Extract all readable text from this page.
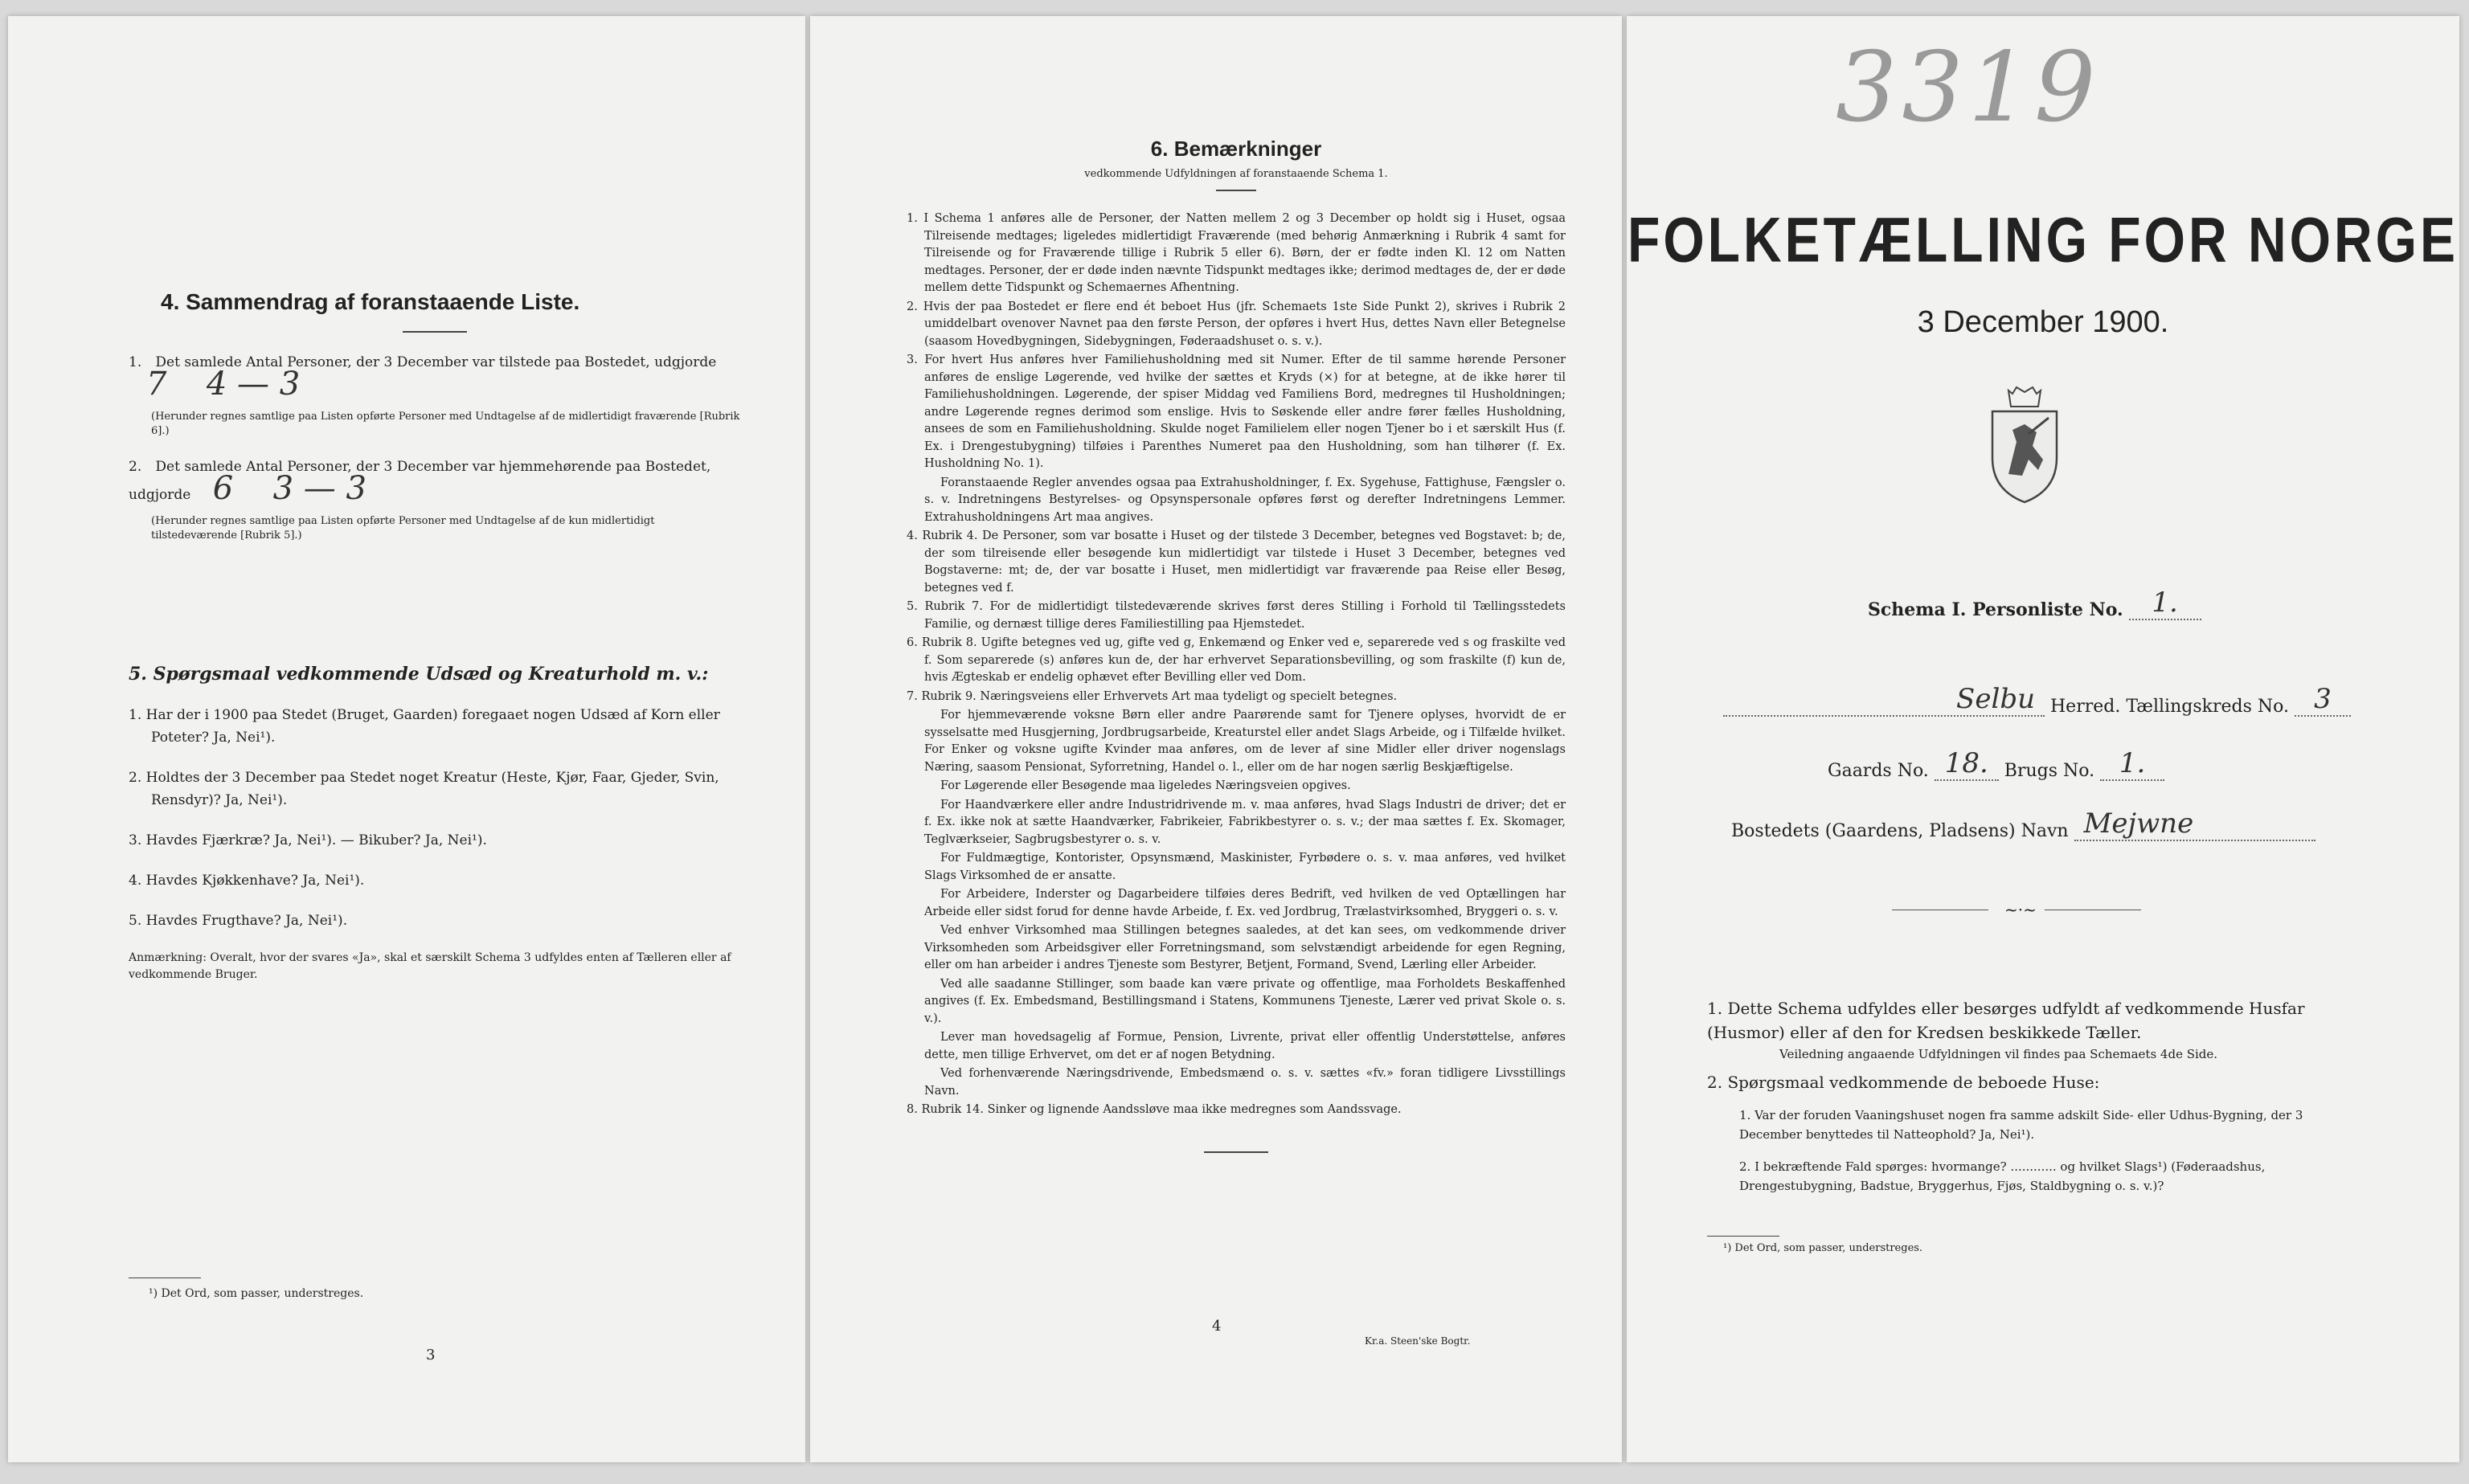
4. Sammendrag af foranstaaende Liste.
1. Det samlede Antal Personer, der 3 December var tilstede paa Bostedet, udgjorde 7 4 — 3
(Herunder regnes samtlige paa Listen opførte Personer med Undtagelse af de midlertidigt fraværende [Rubrik 6].)
2. Det samlede Antal Personer, der 3 December var hjemmehørende paa Bostedet, udgjorde 6 3 — 3
(Herunder regnes samtlige paa Listen opførte Personer med Undtagelse af de kun midlertidigt tilstedeværende [Rubrik 5].)
5. Spørgsmaal vedkommende Udsæd og Kreaturhold m. v.:
1. Har der i 1900 paa Stedet (Bruget, Gaarden) foregaaet nogen Udsæd af Korn eller Poteter? Ja, Nei¹).
2. Holdtes der 3 December paa Stedet noget Kreatur (Heste, Kjør, Faar, Gjeder, Svin, Rensdyr)? Ja, Nei¹).
3. Havdes Fjærkræ? Ja, Nei¹). — Bikuber? Ja, Nei¹).
4. Havdes Kjøkkenhave? Ja, Nei¹).
5. Havdes Frugthave? Ja, Nei¹).
Anmærkning: Overalt, hvor der svares «Ja», skal et særskilt Schema 3 udfyldes enten af Tælleren eller af vedkommende Bruger.
¹) Det Ord, som passer, understreges.
3
6. Bemærkninger
vedkommende Udfyldningen af foranstaaende Schema 1.
1. I Schema 1 anføres alle de Personer, der Natten mellem 2 og 3 December op holdt sig i Huset, ogsaa Tilreisende medtages; ligeledes midlertidigt Fraværende (med behørig Anmærkning i Rubrik 4 samt for Tilreisende og for Fraværende tillige i Rubrik 5 eller 6). Børn, der er fødte inden Kl. 12 om Natten medtages. Personer, der er døde inden nævnte Tidspunkt medtages ikke; derimod medtages de, der er døde mellem dette Tidspunkt og Schemaernes Afhentning.
2. Hvis der paa Bostedet er flere end ét beboet Hus (jfr. Schemaets 1ste Side Punkt 2), skrives i Rubrik 2 umiddelbart ovenover Navnet paa den første Person, der opføres i hvert Hus, dettes Navn eller Betegnelse (saasom Hovedbygningen, Sidebygningen, Føderaadshuset o. s. v.).
3. For hvert Hus anføres hver Familiehusholdning med sit Numer. Efter de til samme hørende Personer anføres de enslige Løgerende, ved hvilke der sættes et Kryds (×) for at betegne, at de ikke hører til Familiehusholdningen. Løgerende, der spiser Middag ved Familiens Bord, medregnes til Husholdningen; andre Løgerende regnes derimod som enslige. Hvis to Søskende eller andre fører fælles Husholdning, ansees de som en Familiehusholdning. Skulde noget Familielem eller nogen Tjener bo i et særskilt Hus (f. Ex. i Drengestubygning) tilføies i Parenthes Numeret paa den Husholdning, som han tilhører (f. Ex. Husholdning No. 1).
Foranstaaende Regler anvendes ogsaa paa Extrahusholdninger, f. Ex. Sygehuse, Fattighuse, Fængsler o. s. v. Indretningens Bestyrelses- og Opsynspersonale opføres først og derefter Indretningens Lemmer. Extrahusholdningens Art maa angives.
4. Rubrik 4. De Personer, som var bosatte i Huset og der tilstede 3 December, betegnes ved Bogstavet: b; de, der som tilreisende eller besøgende kun midlertidigt var tilstede i Huset 3 December, betegnes ved Bogstaverne: mt; de, der var bosatte i Huset, men midlertidigt var fraværende paa Reise eller Besøg, betegnes ved f.
5. Rubrik 7. For de midlertidigt tilstedeværende skrives først deres Stilling i Forhold til Tællingsstedets Familie, og dernæst tillige deres Familiestilling paa Hjemstedet.
6. Rubrik 8. Ugifte betegnes ved ug, gifte ved g, Enkemænd og Enker ved e, separerede ved s og fraskilte ved f. Som separerede (s) anføres kun de, der har erhvervet Separationsbevilling, og som fraskilte (f) kun de, hvis Ægteskab er endelig ophævet efter Bevilling eller ved Dom.
7. Rubrik 9. Næringsveiens eller Erhvervets Art maa tydeligt og specielt betegnes.
For hjemmeværende voksne Børn eller andre Paarørende samt for Tjenere oplyses, hvorvidt de er sysselsatte med Husgjerning, Jordbrugsarbeide, Kreaturstel eller andet Slags Arbeide, og i Tilfælde hvilket. For Enker og voksne ugifte Kvinder maa anføres, om de lever af sine Midler eller driver nogenslags Næring, saasom Pensionat, Syforretning, Handel o. l., eller om de har nogen særlig Beskjæftigelse.
For Løgerende eller Besøgende maa ligeledes Næringsveien opgives.
For Haandværkere eller andre Industridrivende m. v. maa anføres, hvad Slags Industri de driver; det er f. Ex. ikke nok at sætte Haandværker, Fabrikeier, Fabrikbestyrer o. s. v.; der maa sættes f. Ex. Skomager, Teglværkseier, Sagbrugsbestyrer o. s. v.
For Fuldmægtige, Kontorister, Opsynsmænd, Maskinister, Fyrbødere o. s. v. maa anføres, ved hvilket Slags Virksomhed de er ansatte.
For Arbeidere, Inderster og Dagarbeidere tilføies deres Bedrift, ved hvilken de ved Optællingen har Arbeide eller sidst forud for denne havde Arbeide, f. Ex. ved Jordbrug, Trælastvirksomhed, Bryggeri o. s. v.
Ved enhver Virksomhed maa Stillingen betegnes saaledes, at det kan sees, om vedkommende driver Virksomheden som Arbeidsgiver eller Forretningsmand, som selvstændigt arbeidende for egen Regning, eller om han arbeider i andres Tjeneste som Bestyrer, Betjent, Formand, Svend, Lærling eller Arbeider.
Ved alle saadanne Stillinger, som baade kan være private og offentlige, maa Forholdets Beskaffenhed angives (f. Ex. Embedsmand, Bestillingsmand i Statens, Kommunens Tjeneste, Lærer ved privat Skole o. s. v.).
Lever man hovedsagelig af Formue, Pension, Livrente, privat eller offentlig Understøttelse, anføres dette, men tillige Erhvervet, om det er af nogen Betydning.
Ved forhenværende Næringsdrivende, Embedsmænd o. s. v. sættes «fv.» foran tidligere Livsstillings Navn.
8. Rubrik 14. Sinker og lignende Aandssløve maa ikke medregnes som Aandssvage.
4
Kr.a. Steen'ske Bogtr.
3319
FOLKETÆLLING FOR NORGE
3 December 1900.
Schema I. Personliste No. 1.
Selbu Herred. Tællingskreds No. 3
Gaards No. 18. Brugs No. 1.
Bostedets (Gaardens, Pladsens) Navn Mejwne
~·~
1. Dette Schema udfyldes eller besørges udfyldt af vedkommende Husfar (Husmor) eller af den for Kredsen beskikkede Tæller.
Veiledning angaaende Udfyldningen vil findes paa Schemaets 4de Side.
2. Spørgsmaal vedkommende de beboede Huse:
1. Var der foruden Vaaningshuset nogen fra samme adskilt Side- eller Udhus-Bygning, der 3 December benyttedes til Natteophold? Ja, Nei¹).
2. I bekræftende Fald spørges: hvormange? ............ og hvilket Slags¹) (Føderaadshus, Drengestubygning, Badstue, Bryggerhus, Fjøs, Staldbygning o. s. v.)?
¹) Det Ord, som passer, understreges.
